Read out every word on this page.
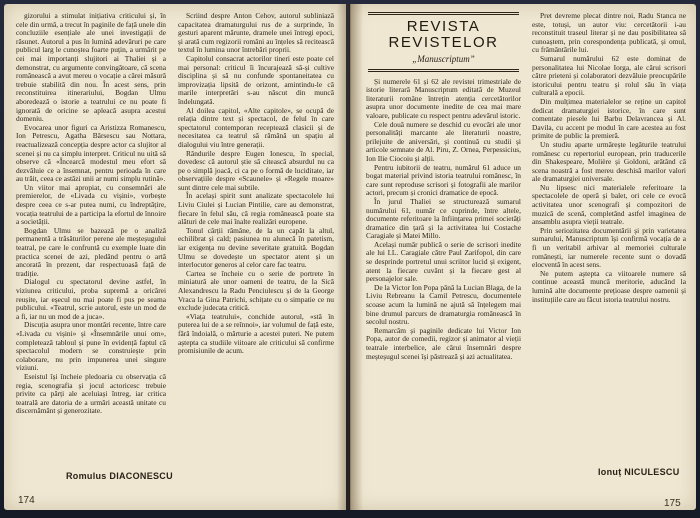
gizorului a stimulat inițiativa criticului și, în cele din urmă, a trecut în paginile de față unele din concluziile esențiale ale unei investigații de răsunet. Autorul a pus în lumină adevăruri pe care publicul larg le cunoștea foarte puțin, a urmărit pe cei mai importanți slujitori ai Thaliei și a demonstrat, cu argumente convingătoare, că scena românească a avut mereu o vocație a cărei măsură trebuie stabilită din nou. În acest sens, prin reconstituirea itinerariului, Bogdan Ulmu aboredează o istorie a teatrului ce nu poate fi ignorată de oricine se apleacă asupra acestui domeniu.

Evocarea unor figuri ca Aristizza Romanescu, Ion Petrescu, Agatha Bârsescu sau Nottara, reactualizează concepția despre actor ca slujitor al scenei și nu ca simplu interpret. Criticul nu uită să observe că «Încearcă modestul meu efort să dezvăluie ce a însemnat, pentru perioada în care au trăit, ceea ce astăzi unii ar numi simplu rutină».

Un viitor mai apropiat, cu consemnări ale premierelor, de «Livada cu vișini», vorbește despre ceea ce s-ar putea numi, cu îndreptățire, vocația teatrului de a participa la efortul de înnoire a societății.

Bogdan Ulmu se bazează pe o analiză permanentă a trăsăturilor perene ale meșteșugului teatral, pe care le confruntă cu exemple luate din practica scenei de azi, pledând pentru o artă ancorată în prezent, dar respectuoasă față de tradiție.

Dialogul cu spectatorul devine astfel, în viziunea criticului, proba supremă a oricărei reușite, iar eșecul nu mai poate fi pus pe seama publicului. «Teatrul, scrie autorul, este un mod de a fi, iar nu un mod de a juca».

Discuția asupra unor montări recente, între care «Livada cu vișini» și «Însemnările unui om», completează tabloul și pune în evidență faptul că spectacolul modern se construiește prin colaborare, nu prin impunerea unei singure viziuni.

Eseistul își încheie pledoaria cu observația că regia, scenografia și jocul actoricesc trebuie privite ca părți ale aceluiași întreg, iar critica teatrală are datoria de a urmări această unitate cu discernământ și generozitate.

Scriind despre Anton Cehov, autorul subliniază capacitatea dramaturgului rus de a surprinde, în gesturi aparent mărunte, dramele unei întregi epoci, și arată cum regizorii români au înțeles să recitească textul în lumina unor întrebări proprii.

Capitolul consacrat actorilor tineri este poate cel mai personal: criticul îi încurajează să-și cultive disciplina și să nu confunde spontaneitatea cu improvizația lipsită de orizont, amintindu-le că marile interpretări s-au născut din muncă îndelungată.

Al doilea capitol, «Alte capitole», se ocupă de relația dintre text și spectacol, de felul în care spectatorul contemporan receptează clasicii și de necesitatea ca teatrul să rămână un spațiu al dialogului viu între generații.

Rândurile despre Eugen Ionescu, în special, dovedesc că autorul știe să citească absurdul nu ca pe o simplă joacă, ci ca pe o formă de luciditate, iar observațiile despre «Scaunele» și «Regele moare» sunt dintre cele mai subtile.

În același spirit sunt analizate spectacolele lui Liviu Ciulei și Lucian Pintilie, care au demonstrat, fiecare în felul său, că regia românească poate sta alături de cele mai înalte realizări europene.

Tonul cărții rămâne, de la un capăt la altul, echilibrat și cald; pasiunea nu alunecă în patetism, iar exigența nu devine severitate gratuită. Bogdan Ulmu se dovedește un spectator atent și un interlocutor generos al celor care fac teatru.

Cartea se încheie cu o serie de portrete în miniatură ale unor oameni de teatru, de la Sică Alexandrescu la Radu Penciulescu și de la George Vraca la Gina Patrichi, schițate cu o simpatie ce nu exclude judecata critică.

«Viața teatrului», conchide autorul, «stă în puterea lui de a se reînnoi», iar volumul de față este, fără îndoială, o mărturie a acestei puteri. Ne putem aștepta ca studiile viitoare ale criticului să confirme promisiunile de acum.

Romulus DIACONESCU
174
REVISTA
REVISTELOR
„Manuscriptum”

Și numerele 61 și 62 ale revistei trimestriale de istorie literară Manuscriptum editată de Muzeul literaturii române întrețin atenția cercetătorilor asupra unor documente inedite de cea mai mare valoare, publicate cu respect pentru adevărul istoric.

Cele două numere se deschid cu evocări ale unor personalități marcante ale literaturii noastre, prilejuite de aniversări, și continuă cu studii și articole semnate de Al. Piru, Z. Ornea, Perpessicius, Ion Ilie Ciocoiu și alții.

Pentru iubitorii de teatru, numărul 61 aduce un bogat material privind istoria teatrului românesc, în care sunt reproduse scrisori și fotografii ale marilor actori, precum și cronici dramatice de epocă.

În jurul Thaliei se structurează sumarul numărului 61, număr ce cuprinde, între altele, documente referitoare la înființarea primei societăți dramatice din țară și la activitatea lui Costache Caragiale și Matei Millo.

Același număr publică o serie de scrisori inedite ale lui I.L. Caragiale către Paul Zarifopol, din care se desprinde portretul unui scriitor lucid și exigent, atent la fiecare cuvânt și la fiecare gest al personajelor sale.

De la Victor Ion Popa până la Lucian Blaga, de la Liviu Rebreanu la Camil Petrescu, documentele scoase acum la lumină ne ajută să înțelegem mai bine drumul parcurs de dramaturgia românească în secolul nostru.

Remarcăm și paginile dedicate lui Victor Ion Popa, autor de comedii, regizor și animator al vieții teatrale interbelice, ale cărui însemnări despre meșteșugul scenei își păstrează și azi actualitatea.

Pret devreme plecat dintre noi, Radu Stanca ne este, totuși, un autor viu: cercetătorii i-au reconstituit traseul literar și ne dau posibilitatea să cunoaștem, prin corespondența publicată, și omul, cu frământările lui.

Sumarul numărului 62 este dominat de personalitatea lui Nicolae Iorga, ale cărui scrisori către prieteni și colaboratori dezvăluie preocupările istoricului pentru teatru și rolul său în viața culturală a epocii.

Din mulțimea materialelor se reține un capitol dedicat dramaturgiei istorice, în care sunt comentate piesele lui Barbu Delavrancea și Al. Davila, cu accent pe modul în care acestea au fost primite de public la premieră.

Un studiu aparte urmărește legăturile teatrului românesc cu repertoriul european, prin traducerile din Shakespeare, Molière și Goldoni, arătând că scena noastră a fost mereu deschisă marilor valori ale dramaturgiei universale.

Nu lipsesc nici materialele referitoare la spectacolele de operă și balet, ori cele ce evocă activitatea unor scenografi și compozitori de muzică de scenă, completând astfel imaginea de ansamblu asupra vieții teatrale.

Prin seriozitatea documentării și prin varietatea sumarului, Manuscriptum își confirmă vocația de a fi un veritabil arhivar al memoriei culturale românești, iar numerele recente sunt o dovadă elocventă în acest sens.

Ne putem aștepta ca viitoarele numere să continue această muncă meritorie, aducând la lumină alte documente prețioase despre oamenii și instituțiile care au făcut istoria teatrului nostru.

Ionuț NICULESCU
175
